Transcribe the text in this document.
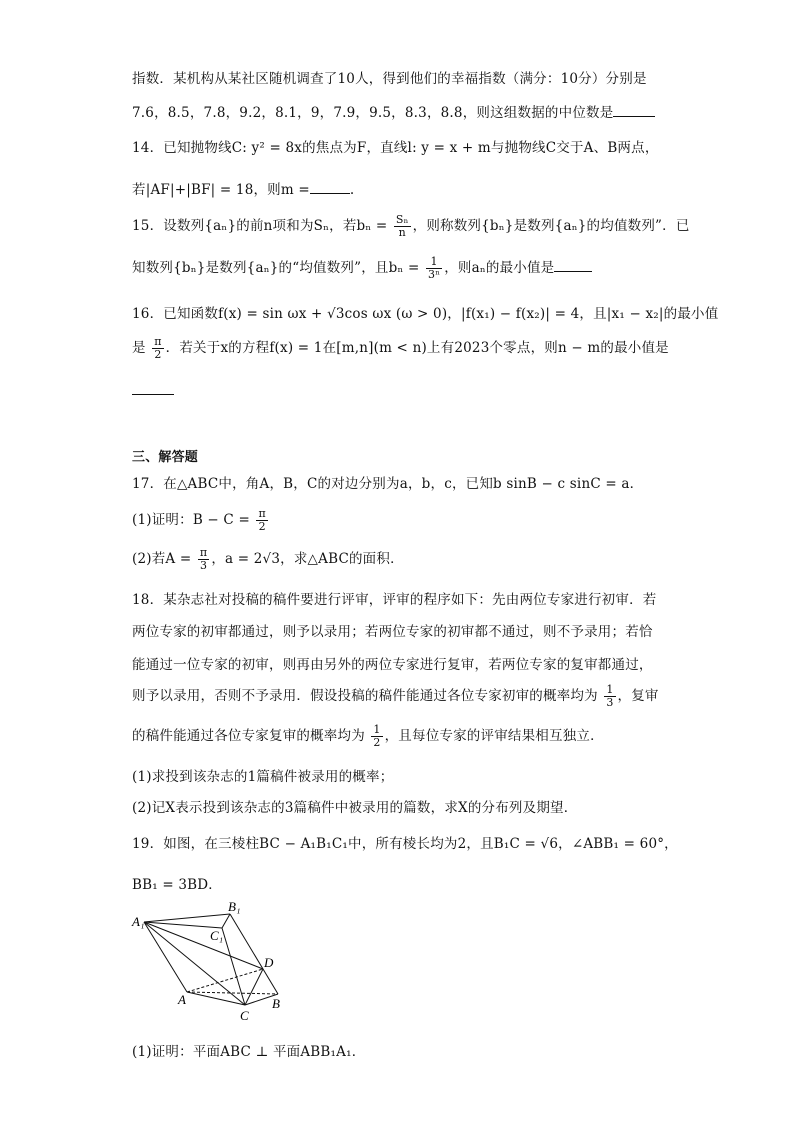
指数．某机构从某社区随机调查了10人，得到他们的幸福指数（满分：10分）分别是
7.6，8.5，7.8，9.2，8.1，9，7.9，9.5，8.3，8.8，则这组数据的中位数是
14．已知抛物线C: y² = 8x的焦点为F，直线l: y = x + m与抛物线C交于A、B两点，
若|AF|+|BF| = 18，则m =	.
15．设数列{aₙ}的前n项和为Sₙ，若$b_n = \frac{\text{Sₙ}}{n}$ ，则称数列{bₙ}是数列{aₙ}的均值数列”．已
知数列{bₙ}是数列{aₙ}的“均值数列”，且$b_n = \frac{1}{\text{3ⁿ}}$ ，则aₙ的最小值是
16．已知函数f(x) = sin ωx + √3cos ωx (ω > 0)，|f(x₁) − f(x₂)| = 4，且|x₁ − x₂|的最小值
是 $\frac{\pi}{2}$ ．若关于x的方程f(x) = 1在[m,n](m < n)上有2023个零点，则n − m的最小值是
三、解答题
17．在△ABC中，角A，B，C的对边分别为a，b，c，已知b sinB − c sinC = a．
(1)证明：$B - C = \frac{\pi}{2}$
(2)若$A = \frac{\pi}{3}$ ，a = 2√3，求△ABC的面积．
18．某杂志社对投稿的稿件要进行评审，评审的程序如下：先由两位专家进行初审．若
两位专家的初审都通过，则予以录用；若两位专家的初审都不通过，则不予录用；若恰
能通过一位专家的初审，则再由另外的两位专家进行复审，若两位专家的复审都通过，
则予以录用，否则不予录用．假设投稿的稿件能通过各位专家初审的概率均为 $\frac{1}{3}$ ，复审
的稿件能通过各位专家复审的概率均为 $\frac{1}{2}$ ，且每位专家的评审结果相互独立．
(1)求投到该杂志的1篇稿件被录用的概率；
(2)记X表示投到该杂志的3篇稿件中被录用的篇数，求X的分布列及期望．
19．如图，在三棱柱BC − A₁B₁C₁中，所有棱长均为2，且B₁C = √6，∠ABB₁ = 60°，
BB₁ = 3BD．
A₁
B₁
C₁
D
A	B
C
(1)证明：平面ABC ⊥ 平面ABB₁A₁．
